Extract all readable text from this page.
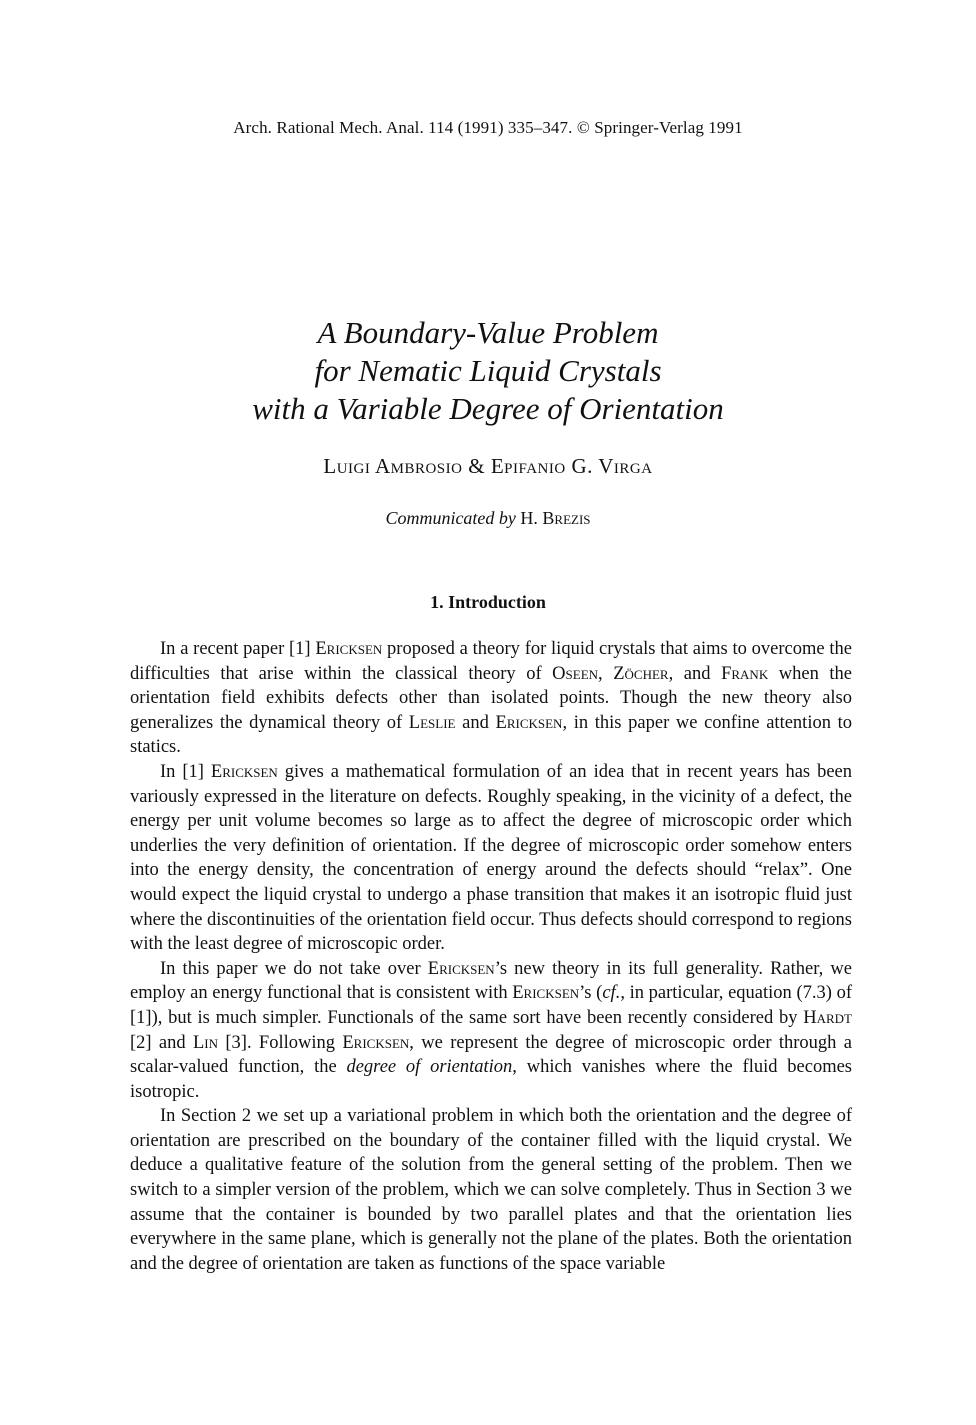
Arch. Rational Mech. Anal. 114 (1991) 335–347. © Springer-Verlag 1991
A Boundary-Value Problem
for Nematic Liquid Crystals
with a Variable Degree of Orientation
Luigi Ambrosio & Epifanio G. Virga
Communicated by H. Brezis
1. Introduction

In a recent paper [1] Ericksen proposed a theory for liquid crystals that aims to overcome the difficulties that arise within the classical theory of Oseen, Zöcher, and Frank when the orientation field exhibits defects other than isolated points. Though the new theory also generalizes the dynamical theory of Leslie and Ericksen, in this paper we confine attention to statics.

In [1] Ericksen gives a mathematical formulation of an idea that in recent years has been variously expressed in the literature on defects. Roughly speaking, in the vicinity of a defect, the energy per unit volume becomes so large as to affect the degree of microscopic order which underlies the very definition of orientation. If the degree of microscopic order somehow enters into the energy density, the concentration of energy around the defects should “relax”. One would expect the liquid crystal to undergo a phase transition that makes it an isotropic fluid just where the discontinuities of the orientation field occur. Thus defects should correspond to regions with the least degree of microscopic order.

In this paper we do not take over Ericksen’s new theory in its full generality. Rather, we employ an energy functional that is consistent with Ericksen’s (cf., in particular, equation (7.3) of [1]), but is much simpler. Functionals of the same sort have been recently considered by Hardt [2] and Lin [3]. Following Ericksen, we represent the degree of microscopic order through a scalar-valued function, the degree of orientation, which vanishes where the fluid becomes isotropic.

In Section 2 we set up a variational problem in which both the orientation and the degree of orientation are prescribed on the boundary of the container filled with the liquid crystal. We deduce a qualitative feature of the solution from the general setting of the problem. Then we switch to a simpler version of the problem, which we can solve completely. Thus in Section 3 we assume that the container is bounded by two parallel plates and that the orientation lies everywhere in the same plane, which is generally not the plane of the plates. Both the orientation and the degree of orientation are taken as functions of the space variable
